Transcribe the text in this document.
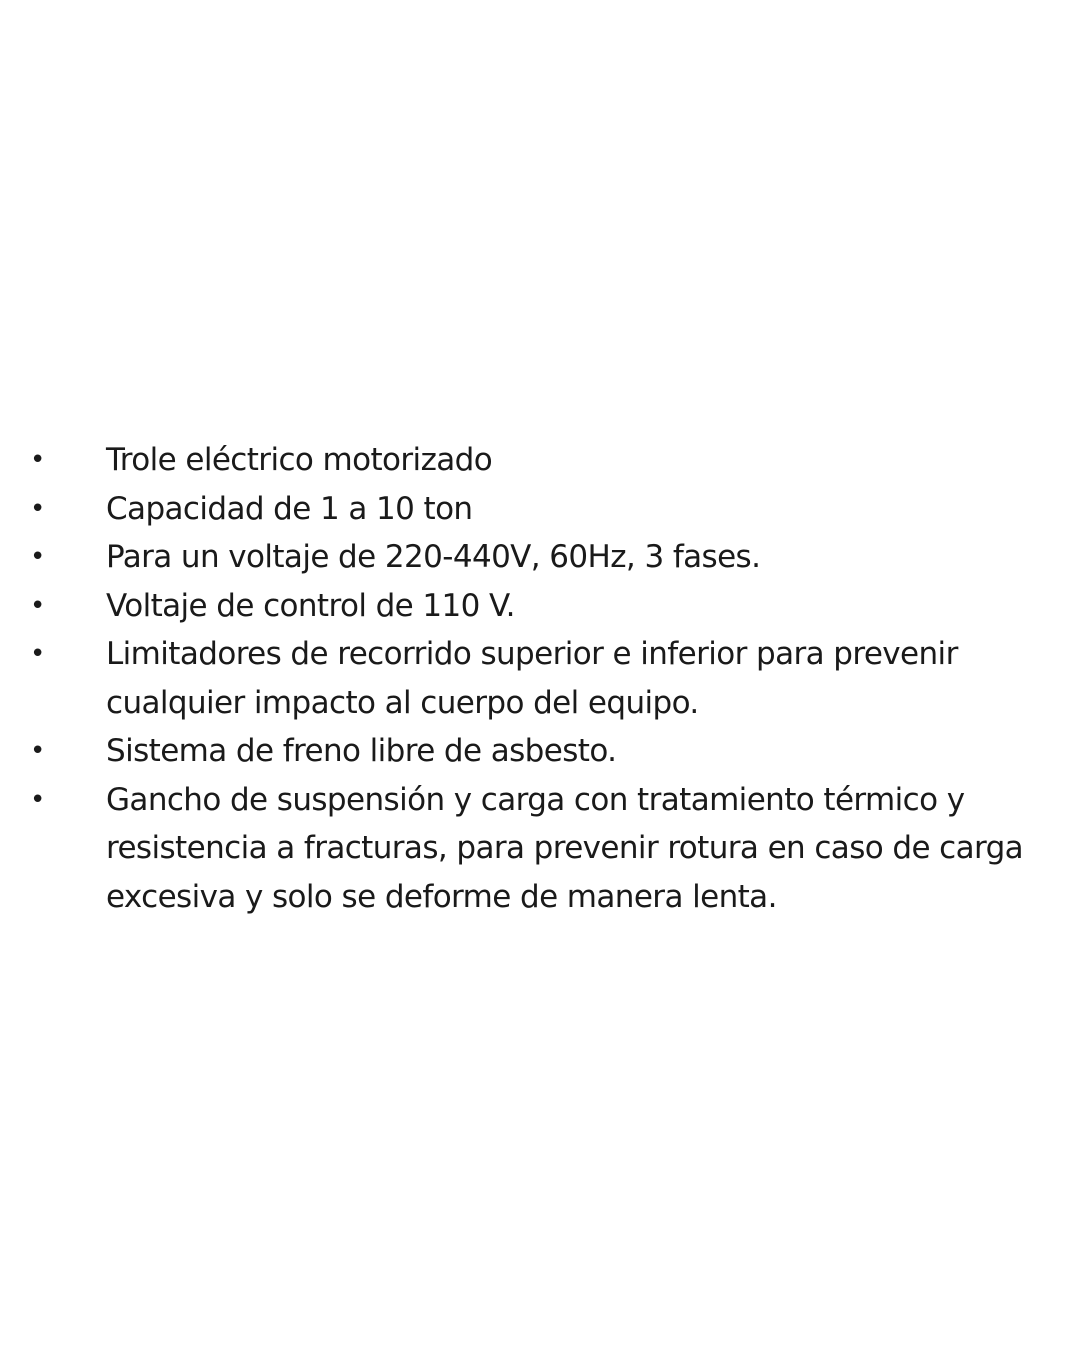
• Trole eléctrico motorizado
• Capacidad de 1 a 10 ton
• Para un voltaje de 220-440V, 60Hz, 3 fases.
• Voltaje de control de 110 V.
• Limitadores de recorrido superior e inferior para prevenir cualquier impacto al cuerpo del equipo.
• Sistema de freno libre de asbesto.
• Gancho de suspensión y carga con tratamiento térmico y resistencia a fracturas, para prevenir rotura en caso de carga excesiva y solo se deforme de manera lenta.
